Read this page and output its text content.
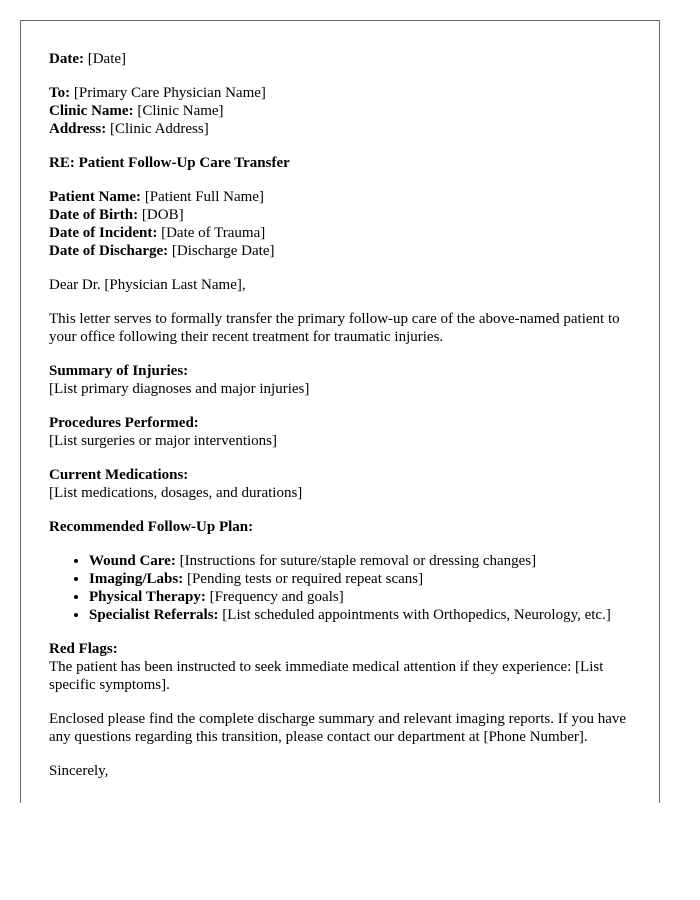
Date: [Date]

To: [Primary Care Physician Name]
Clinic Name: [Clinic Name]
Address: [Clinic Address]

RE: Patient Follow-Up Care Transfer

Patient Name: [Patient Full Name]
Date of Birth: [DOB]
Date of Incident: [Date of Trauma]
Date of Discharge: [Discharge Date]

Dear Dr. [Physician Last Name],

This letter serves to formally transfer the primary follow-up care of the above-named patient to your office following their recent treatment for traumatic injuries.

Summary of Injuries:
[List primary diagnoses and major injuries]

Procedures Performed:
[List surgeries or major interventions]

Current Medications:
[List medications, dosages, and durations]

Recommended Follow-Up Plan:

• Wound Care: [Instructions for suture/staple removal or dressing changes]
• Imaging/Labs: [Pending tests or required repeat scans]
• Physical Therapy: [Frequency and goals]
• Specialist Referrals: [List scheduled appointments with Orthopedics, Neurology, etc.]

Red Flags:
The patient has been instructed to seek immediate medical attention if they experience: [List specific symptoms].

Enclosed please find the complete discharge summary and relevant imaging reports. If you have any questions regarding this transition, please contact our department at [Phone Number].

Sincerely,
